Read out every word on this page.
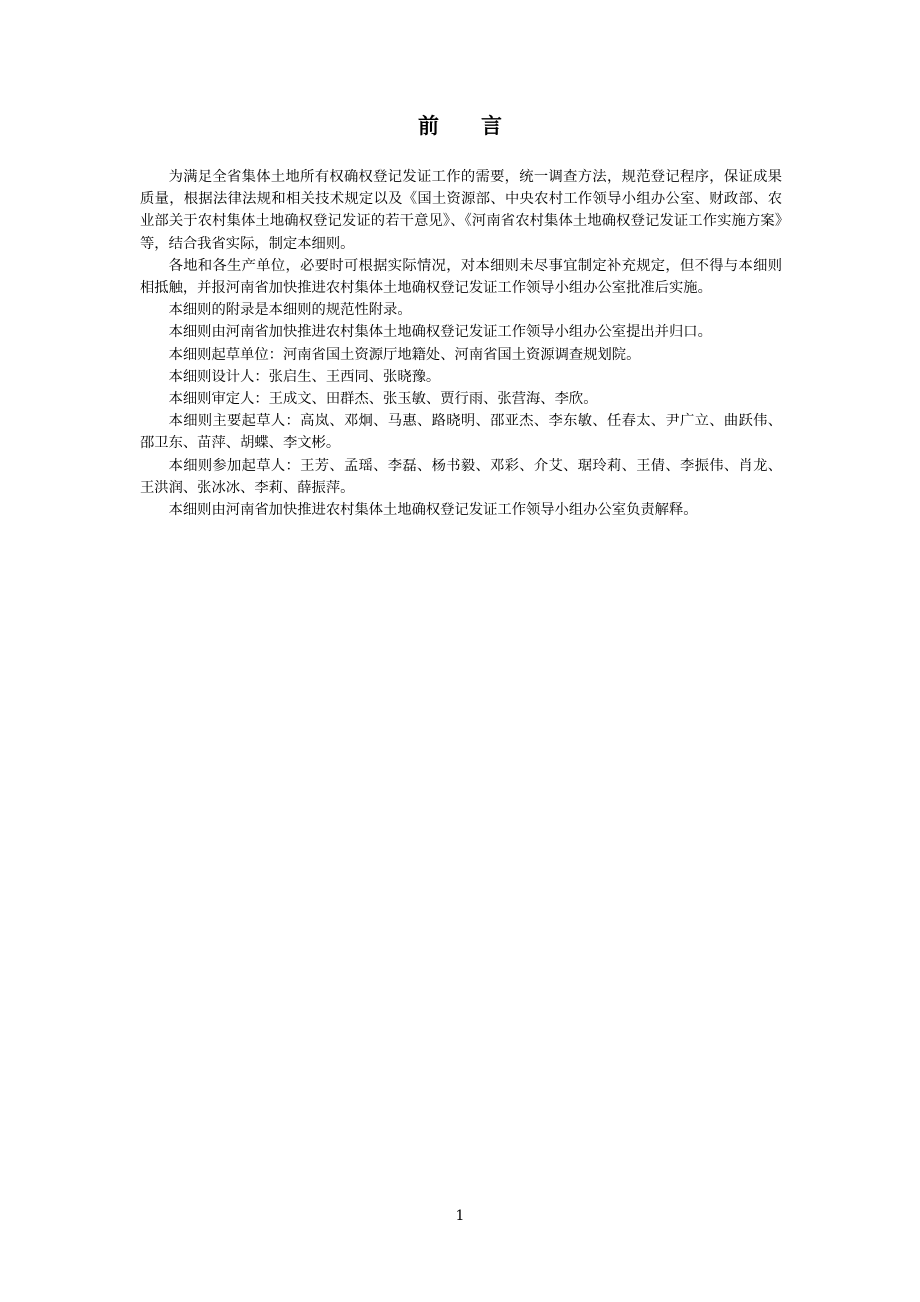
前　　言

为满足全省集体土地所有权确权登记发证工作的需要，统一调查方法，规范登记程序，保证成果质量，根据法律法规和相关技术规定以及《国土资源部、中央农村工作领导小组办公室、财政部、农业部关于农村集体土地确权登记发证的若干意见》、《河南省农村集体土地确权登记发证工作实施方案》等，结合我省实际，制定本细则。

各地和各生产单位，必要时可根据实际情况，对本细则未尽事宜制定补充规定，但不得与本细则相抵触，并报河南省加快推进农村集体土地确权登记发证工作领导小组办公室批准后实施。

本细则的附录是本细则的规范性附录。

本细则由河南省加快推进农村集体土地确权登记发证工作领导小组办公室提出并归口。

本细则起草单位：河南省国土资源厅地籍处、河南省国土资源调查规划院。

本细则设计人：张启生、王西同、张晓豫。

本细则审定人：王成文、田群杰、张玉敏、贾行雨、张营海、李欣。

本细则主要起草人：高岚、邓炯、马惠、路晓明、邵亚杰、李东敏、任春太、尹广立、曲跃伟、邵卫东、苗萍、胡蝶、李文彬。

本细则参加起草人：王芳、孟瑶、李磊、杨书毅、邓彩、介艾、琚玲莉、王倩、李振伟、肖龙、王洪润、张冰冰、李莉、薛振萍。

本细则由河南省加快推进农村集体土地确权登记发证工作领导小组办公室负责解释。

1
